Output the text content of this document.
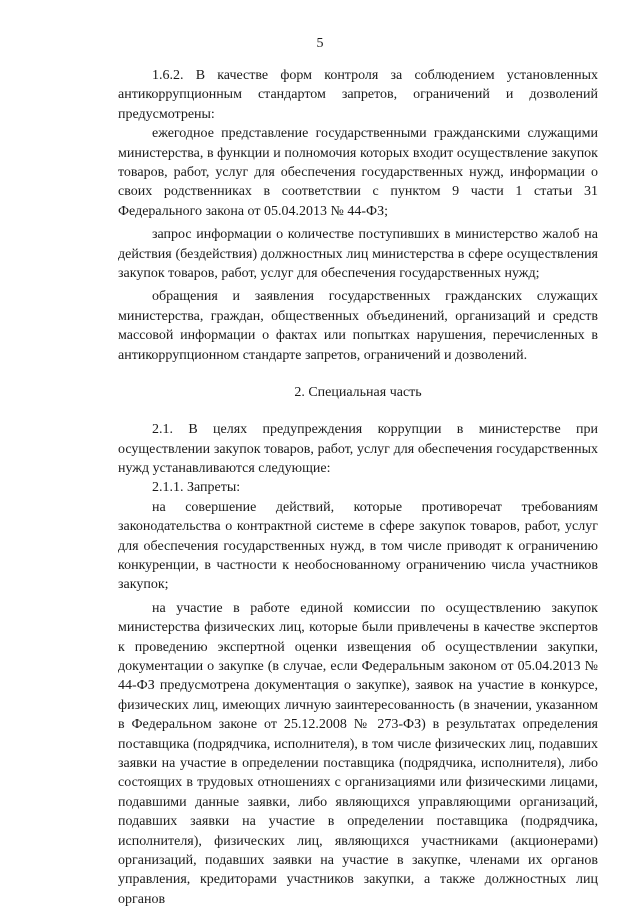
5

1.6.2. В качестве форм контроля за соблюдением установленных антикоррупционным стандартом запретов, ограничений и дозволений предусмотрены:

ежегодное представление государственными гражданскими служащими министерства, в функции и полномочия которых входит осуществление закупок товаров, работ, услуг для обеспечения государственных нужд, информации о своих родственниках в соответствии с пунктом 9 части 1 статьи 31 Федерального закона от 05.04.2013 № 44-ФЗ;

запрос информации о количестве поступивших в министерство жалоб на действия (бездействия) должностных лиц министерства в сфере осуществления закупок товаров, работ, услуг для обеспечения государственных нужд;

обращения и заявления государственных гражданских служащих министерства, граждан, общественных объединений, организаций и средств массовой информации о фактах или попытках нарушения, перечисленных в антикоррупционном стандарте запретов, ограничений и дозволений.

2. Специальная часть

2.1. В целях предупреждения коррупции в министерстве при осуществлении закупок товаров, работ, услуг для обеспечения государственных нужд устанавливаются следующие:

2.1.1. Запреты:

на совершение действий, которые противоречат требованиям законодательства о контрактной системе в сфере закупок товаров, работ, услуг для обеспечения государственных нужд, в том числе приводят к ограничению конкуренции, в частности к необоснованному ограничению числа участников закупок;

на участие в работе единой комиссии по осуществлению закупок министерства физических лиц, которые были привлечены в качестве экспертов к проведению экспертной оценки извещения об осуществлении закупки, документации о закупке (в случае, если Федеральным законом от 05.04.2013 № 44-ФЗ предусмотрена документация о закупке), заявок на участие в конкурсе, физических лиц, имеющих личную заинтересованность (в значении, указанном в Федеральном законе от 25.12.2008 № 273-ФЗ) в результатах определения поставщика (подрядчика, исполнителя), в том числе физических лиц, подавших заявки на участие в определении поставщика (подрядчика, исполнителя), либо состоящих в трудовых отношениях с организациями или физическими лицами, подавшими данные заявки, либо являющихся управляющими организаций, подавших заявки на участие в определении поставщика (подрядчика, исполнителя), физических лиц, являющихся участниками (акционерами) организаций, подавших заявки на участие в закупке, членами их органов управления, кредиторами участников закупки, а также должностных лиц органов
